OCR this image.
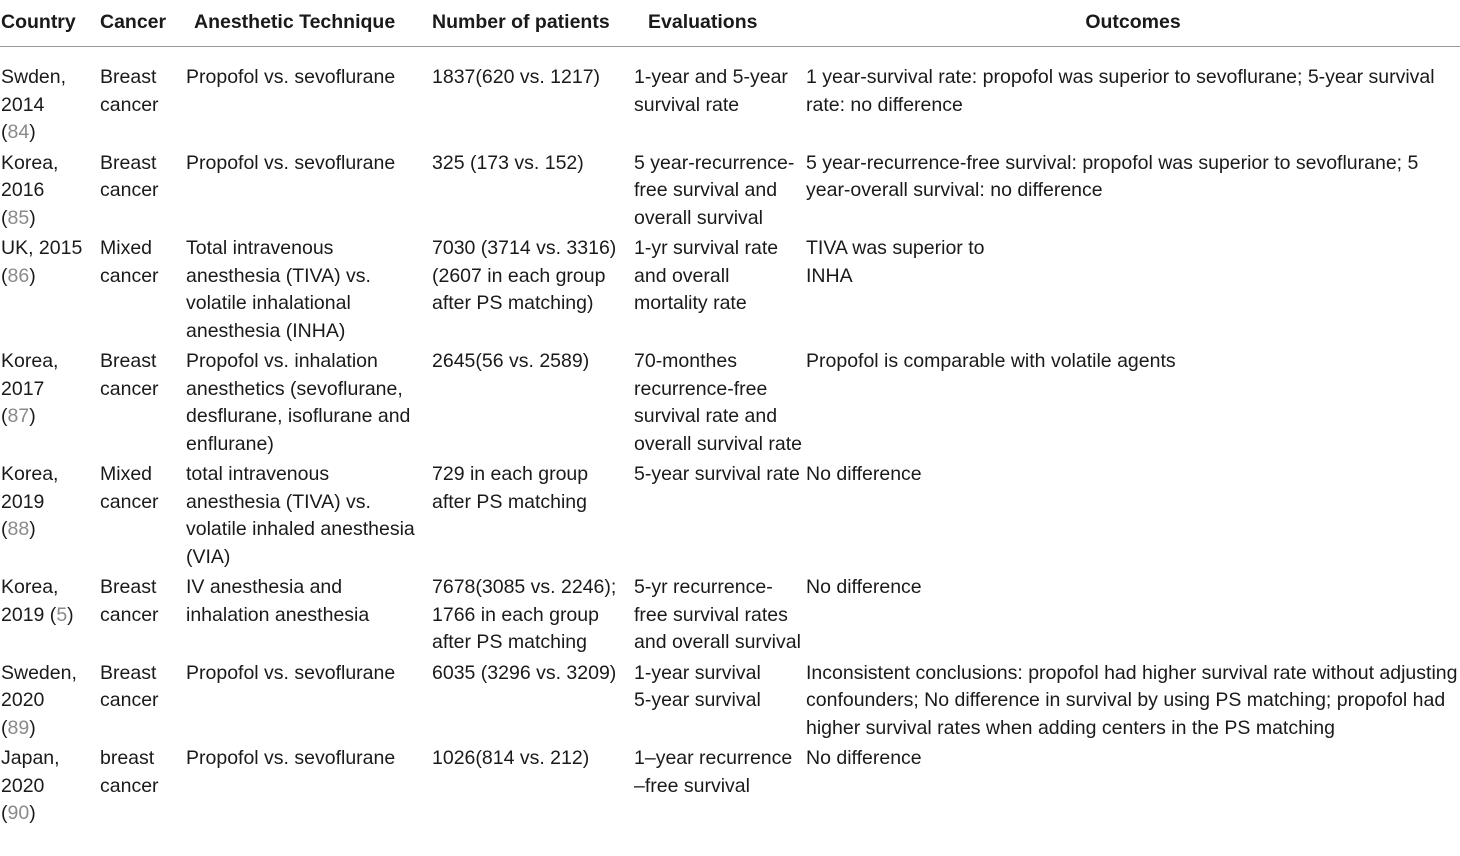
Country	Cancer	Anesthetic Technique	Number of patients	Evaluations	Outcomes
Swden, 2014
(84)	Breast cancer	Propofol vs. sevoflurane	1837(620 vs. 1217)	1-year and 5-year survival rate	1 year-survival rate: propofol was superior to sevoflurane; 5-year survival rate: no difference
Korea, 2016
(85)	Breast cancer	Propofol vs. sevoflurane	325 (173 vs. 152)	5 year-recurrence-free survival and overall survival	5 year-recurrence-free survival: propofol was superior to sevoflurane; 5 year-overall survival: no difference
UK, 2015
(86)	Mixed cancer	Total intravenous anesthesia (TIVA) vs. volatile inhalational anesthesia (INHA)	7030 (3714 vs. 3316) (2607 in each group after PS matching)	1-yr survival rate and overall mortality rate	TIVA was superior to
INHA
Korea, 2017
(87)	Breast cancer	Propofol vs. inhalation anesthetics (sevoflurane, desflurane, isoflurane and enflurane)	2645(56 vs. 2589)	70-monthes recurrence-free survival rate and overall survival rate	Propofol is comparable with volatile agents
Korea, 2019
(88)	Mixed cancer	total intravenous anesthesia (TIVA) vs. volatile inhaled anesthesia (VIA)	729 in each group after PS matching	5-year survival rate	No difference
Korea, 2019 (5)	Breast cancer	IV anesthesia and inhalation anesthesia	7678(3085 vs. 2246); 1766 in each group after PS matching	5-yr recurrence-free survival rates and overall survival	No difference
Sweden, 2020
(89)	Breast cancer	Propofol vs. sevoflurane	6035 (3296 vs. 3209)	1-year survival
5-year survival	Inconsistent conclusions: propofol had higher survival rate without adjusting confounders; No difference in survival by using PS matching; propofol had higher survival rates when adding centers in the PS matching
Japan, 2020
(90)	breast cancer	Propofol vs. sevoflurane	1026(814 vs. 212)	1–year recurrence
–free survival	No difference
